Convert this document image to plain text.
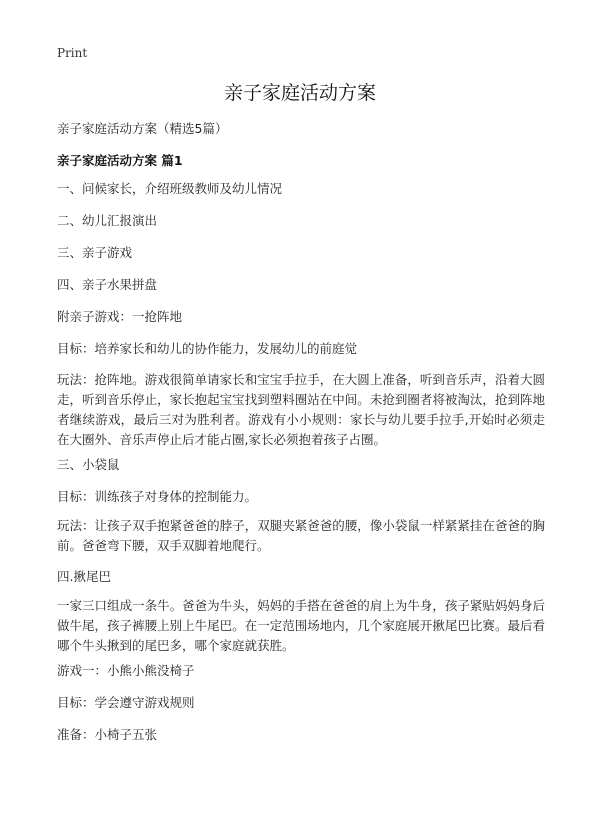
Print
亲子家庭活动方案

亲子家庭活动方案（精选5篇）

亲子家庭活动方案 篇1

一、问候家长，介绍班级教师及幼儿情况

二、幼儿汇报演出

三、亲子游戏

四、亲子水果拼盘

附亲子游戏：一抢阵地

目标：培养家长和幼儿的协作能力，发展幼儿的前庭觉

玩法：抢阵地。游戏很简单请家长和宝宝手拉手，在大圆上准备，听到音乐声，沿着大圆走，听到音乐停止，家长抱起宝宝找到塑料圈站在中间。未抢到圈者将被淘汰，抢到阵地者继续游戏，最后三对为胜利者。游戏有小小规则：家长与幼儿要手拉手,开始时必须走在大圈外、音乐声停止后才能占圈,家长必须抱着孩子占圈。

三、小袋鼠

目标：训练孩子对身体的控制能力。

玩法：让孩子双手抱紧爸爸的脖子，双腿夹紧爸爸的腰，像小袋鼠一样紧紧挂在爸爸的胸前。爸爸弯下腰，双手双脚着地爬行。

四.揪尾巴

一家三口组成一条牛。爸爸为牛头，妈妈的手搭在爸爸的肩上为牛身，孩子紧贴妈妈身后做牛尾，孩子裤腰上别上牛尾巴。在一定范围场地内，几个家庭展开揪尾巴比赛。最后看哪个牛头揪到的尾巴多，哪个家庭就获胜。

游戏一：小熊小熊没椅子

目标：学会遵守游戏规则

准备：小椅子五张
